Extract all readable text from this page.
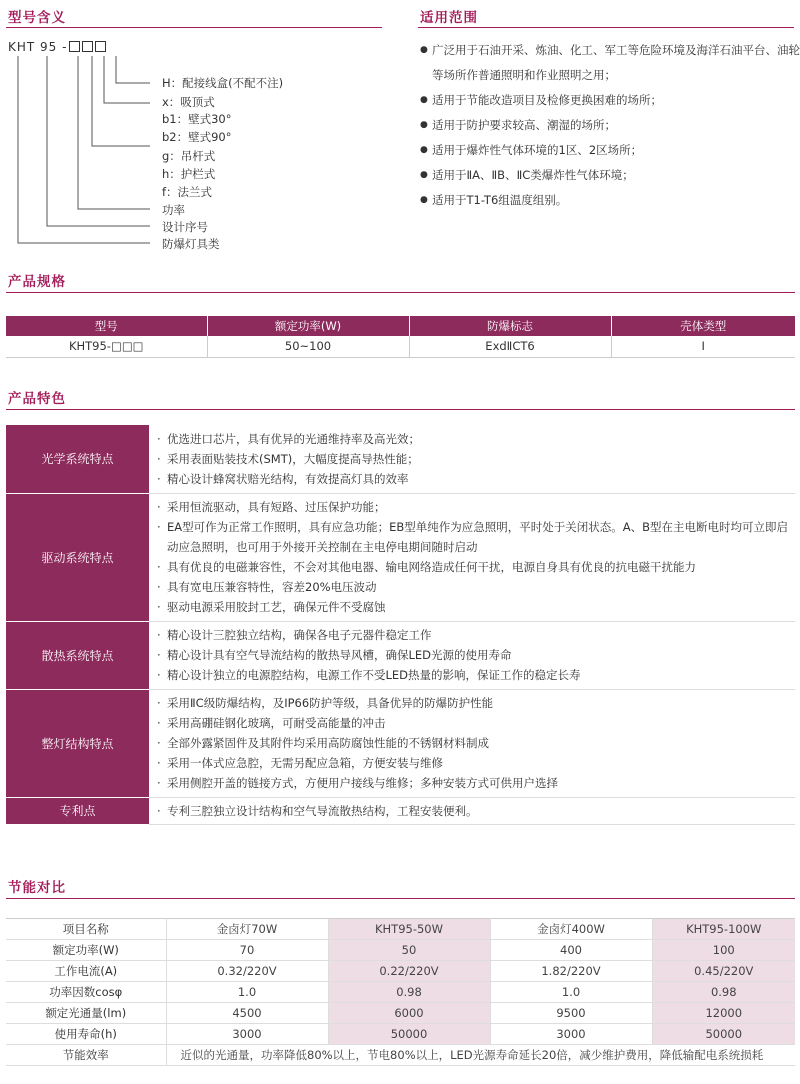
型号含义
KHT 95 -
H：配接线盒(不配不注)
x：吸顶式
b1：壁式30°
b2：壁式90°
g：吊杆式
h：护栏式
f：法兰式
功率
设计序号
防爆灯具类
适用范围
● 广泛用于石油开采、炼油、化工、军工等危险环境及海洋石油平台、油轮等场所作普通照明和作业照明之用；
● 适用于节能改造项目及检修更换困难的场所；
● 适用于防护要求较高、潮湿的场所；
● 适用于爆炸性气体环境的1区、2区场所；
● 适用于ⅡA、ⅡB、ⅡC类爆炸性气体环境；
● 适用于T1-T6组温度组别。
产品规格
型号	额定功率(W)	防爆标志	壳体类型
KHT95-□□□	50~100	ExdⅡCT6	Ⅰ
产品特色
光学系统特点	· 优选进口芯片，具有优异的光通维持率及高光效；
· 采用表面贴装技术(SMT)，大幅度提高导热性能；
· 精心设计蜂窝状赔光结构，有效提高灯具的效率

驱动系统特点	· 采用恒流驱动，具有短路、过压保护功能；
· EA型可作为正常工作照明，具有应急功能；EB型单纯作为应急照明，平时处于关闭状态。A、B型在主电断电时均可立即启动应急照明，也可用于外接开关控制在主电停电期间随时启动
· 具有优良的电磁兼容性，不会对其他电器、输电网络造成任何干扰，电源自身具有优良的抗电磁干扰能力
· 具有宽电压兼容特性，容差20%电压波动
· 驱动电源采用胶封工艺，确保元件不受腐蚀

散热系统特点	· 精心设计三腔独立结构，确保各电子元器件稳定工作
· 精心设计具有空气导流结构的散热导风槽，确保LED光源的使用寿命
· 精心设计独立的电源腔结构，电源工作不受LED热量的影响，保证工作的稳定长寿

整灯结构特点	· 采用ⅡC级防爆结构，及IP66防护等级，具备优异的防爆防护性能
· 采用高硼硅钢化玻璃，可耐受高能量的冲击
· 全部外露紧固件及其附件均采用高防腐蚀性能的不锈钢材料制成
· 采用一体式应急腔，无需另配应急箱，方便安装与维修
· 采用侧腔开盖的链接方式，方便用户接线与维修；多种安装方式可供用户选择

专利点	· 专利三腔独立设计结构和空气导流散热结构，工程安装便利。
节能对比
项目名称	金卤灯70W	KHT95-50W	金卤灯400W	KHT95-100W
额定功率(W)	70	50	400	100
工作电流(A)	0.32/220V	0.22/220V	1.82/220V	0.45/220V
功率因数cosφ	1.0	0.98	1.0	0.98
额定光通量(lm)	4500	6000	9500	12000
使用寿命(h)	3000	50000	3000	50000
节能效率	近似的光通量，功率降低80%以上，节电80%以上，LED光源寿命延长20倍，减少维护费用，降低输配电系统损耗			
